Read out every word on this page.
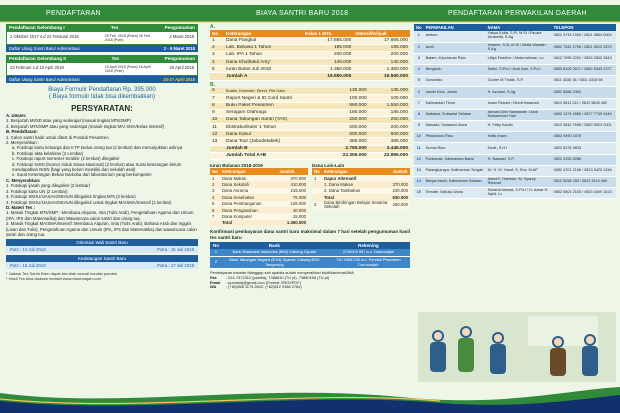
PENDAFTARAN	BIAYA SANTRI BARU 2018	PENDAFTARAN PERWAKILAN DAERAH
Pendaftaran Gelombang I	Tes	Pengumuman
1 Oktober 2017 s.d 22 Februari 2018	25 Feb. 2018 (Putra) 26 Feb. 2018 (Putri)
2 Maret 2018
Daftar Ulang Santri Baru/ Administrasi	2 - 9 Maret 2018
Pendaftaran Gelombang II	Tes	Pengumuman
23 Februari s.d 13 April 2018	15 April 2018 (Putra) 16 April 2018 (Putri)
20 April 2018
Daftar Ulang Santri Baru/ Administrasi	20-27 April 2018
Biaya Formulir Pendaftaran Rp. 395.000
( Biaya formulir tidak bisa dikembalikan)
PERSYARATAN:
A. Umum:
1. Berijazah MI/SD atau yang sederajat (masuk tingkat MTs/SMP)
2. Berijazah MTs/SMP atau yang sederajat (masuk tingkat MA/ SMA/Kelas Intensif)
B. Pendaftaran:
1. Calon santri hadir untuk ditest di Pondok Pesantren
2. Menyerahkan :
a. Fotokopi kartu keluarga dan KTP kedua orang tua (2 lembar) dan menunjukkan aslinya
b. Fotokopi akta kelahiran (2 Lembar)
c. Fotokopi raport semester terakhir (2 lembar) dilegalisir
d. Fotokopi NISN (Nomor Induk Siswa Nasional) (2 lembar) atau Surat keterangan belum mendapatkan NISN (bagi yang belum memiliki dari sekolah asal)
e. Surat Keterangan Bebas Narkoba dari laboratorium yang berkompeten
C. Menyerahkan:
1. Fotokopi ijasah yang dilegalisir (2 lembar)
2. Fotokopi kartu UN (2 Lembar)
3. Fotokopi SKHU/IJASAH/SKHUN dilegalisir tingkat MTs (2 lembar)
4. Fotokopi SKHU/IJASAH/SKHUN dilegalisir untuk tingkat MA/SMA/Intensif (2 lembar)
D. Materi Tes :
1. Masuk Tingkat MTs/SMP : Membaca Alquran, mta (Tulis Arab), Pengetahuan Agama dan Umum (IPA, IPS dan Matematika) dan Wawancara calon santri dan orang tua.
2. Masuk Tingkat MA/SMA/Intensif: Membaca Alquran, imla (Tulis Arab), Bahasa Arab dan Inggris (Lisan dan Tulis), Pengetahuan Agama dan Umum (IPA, IPS dan Matematika) dan wawancara calon santri dan orang tua.
Orientasi Wali Santri Baru
Putri : 14 Juli 2018	Putra : 15 Juli 2018
Kedatangan Santri Baru
Putri : 16 Juli 2018	Putra : 17 Juli 2018
* Jadwal Tes Santri Baru dapat berubah sesuai kondisi pondok
* Hasil Tes bisa diakses melalui www.darunnajah.com
A.
No	Keterangan	Kelas 1 MTs.	Intensif/Aliyah
1	Dana Pangkal	17.665.000	17.665.000
2	Lab. Bahasa 1 Tahun	195.000	195.000
3	Lab. IPA 1 Tahun	200.000	200.000
4	Dana Khutbatul Arsy'	140.000	140.000
5	Iuran Bulan Juli 2018	1.350.000	1.350.000
	Jumlah A	19.550.000	19.550.000
B.
6	Buatin, Kelender, Direct, File Data	135.000	135.000
7	Raport Negeri & ID Card Santri	100.000	100.000
8	Buku Paket Pesantren	860.000	1.550.000
9	Seragam Olahraga	185.000	185.000
10	Dana Tabungan Santri (TAS)	250.000	250.000
11	Ekstrakurikuler 1 Tahun	200.000	200.000
12	Dana Kasur	600.000	600.000
13	Dana Tour (Jabodetabek)	385.000	385.000
	Jumlah B	2.755.000	3.445.000
	Jumlah Total A+B	22.305.000	22.995.000
Iuran Bulanan 2018-2019
No	Keterangan	Jumlah
1	Dana Makan	370.000
2	Dana Sekolah	410.000
3	Dana Asrama	215.000
4	Dana Kesehatan	75.000
5	Dana Pembangunan	125.000
6	Dana Pengasuhan	40.000
7	Dana Komputer	15.000
	Total	1.350.000
Dana Lain-Lain
No	Keterangan	Jumlah
1	Dapur Alternatif	
	1. Dana Makan	370.000
	2. Dana Tambahan	240.000
	Total	630.000
2	Dana Bimbingan Belajar Sesama Sekolah	250.000
Konfirmasi pembayaran dana santri baru maksimal dalam 7 hari setelah pengumuman hasil tes santri baru
No	Bank	Rekening
1	Bank Muamalat Indonesia (BMI) Cabang Ciputat	3740000 597 a.n. Darunnajah
2	Bank Tabungan Negara (BTN) Syariah Cabang BSD Tangerang	710 1006 232 a.n. Pondok Pesantren Darunnajah
Pembayaran transfer dianggap sah apabila sudah menyerahkan bukti/fax/email/WA
Fax : 021-7372312 (panitia), 7388810 (TU pi), 73880158 (TU pt)
Email : ppmdndj@gmail.com (Format JPEG/PDF)
WA : (+62)858 1174 2822, (+62)812 9186 2764)
No	PERWAKILAN	NAMA	TELEPON
1	Ambon	Yahya Kotta, S.Pi, M.Si / Fauzia Umarella, S.Ag	0821 9715 1900 / 0821 9854 0000
2	Aceh	Irhamni, S.Si, M.Si / Mulia Wardah, S.Ag	0852 7542 2756 / 0821 6512 2879
3	Batam, Kepulauan Riau	Liftya Fearline / Abdurrahman, Lc	0812 7099 2291 / 0815 2800 3643
4	Bengkulu	Saiful, S.Pd.I / Andi Azis, S.Pd.I	0853 8109 2671 / 0852 5343 3727
5	Gorontalo	Gunter M Thalib, S.P.	0811 4330 16 / 0811 4316 58
6	Jambi Kota, Jambi	H. Azmani, S.Ag.	0852 6666 2464
7	Kalimantan Timur	Imam Ruhani / Munif Hasanah	0812 5811 012 / 0812 5826 482
8	Makasar, Sulawesi Selatan	Ahmad Zein Nasbaddin / Aedi Muhammad Yani	0853 1574 0885 / 0877 7749 0449
9	Manado, Sulawesi Utara	H. Fatty Kautin	0812 4542 7698 / 0853 9523 0001
10	Pekanbaru Riau	Hafis Imam	0853 9490 1876
11	Dumai Riau	Dede, S.H.I	0822 8376 9833
12	Pontianak, Kalimantan Barat	H. Nawawi, S.P.	0821 2250 8286
13	Palangkaraya, Kalimantan Tengah	Dr. H. M. Yusuf, S. Sos, M.AP	0852 4701 2166 / 0813 5420 1246
14	Banjarmasin, Kalimantan Selatan	Asma F. Hamida / M. Syauqi Rahmat	0812 5058 250 / 0812 5114 469
15	Ternate, Maluku Utara	Sukardi Ahmad, S.Pd.I / H. Azhar H. Aqlid, Lc	0852 5501 2153 / 0823 4409 1513
